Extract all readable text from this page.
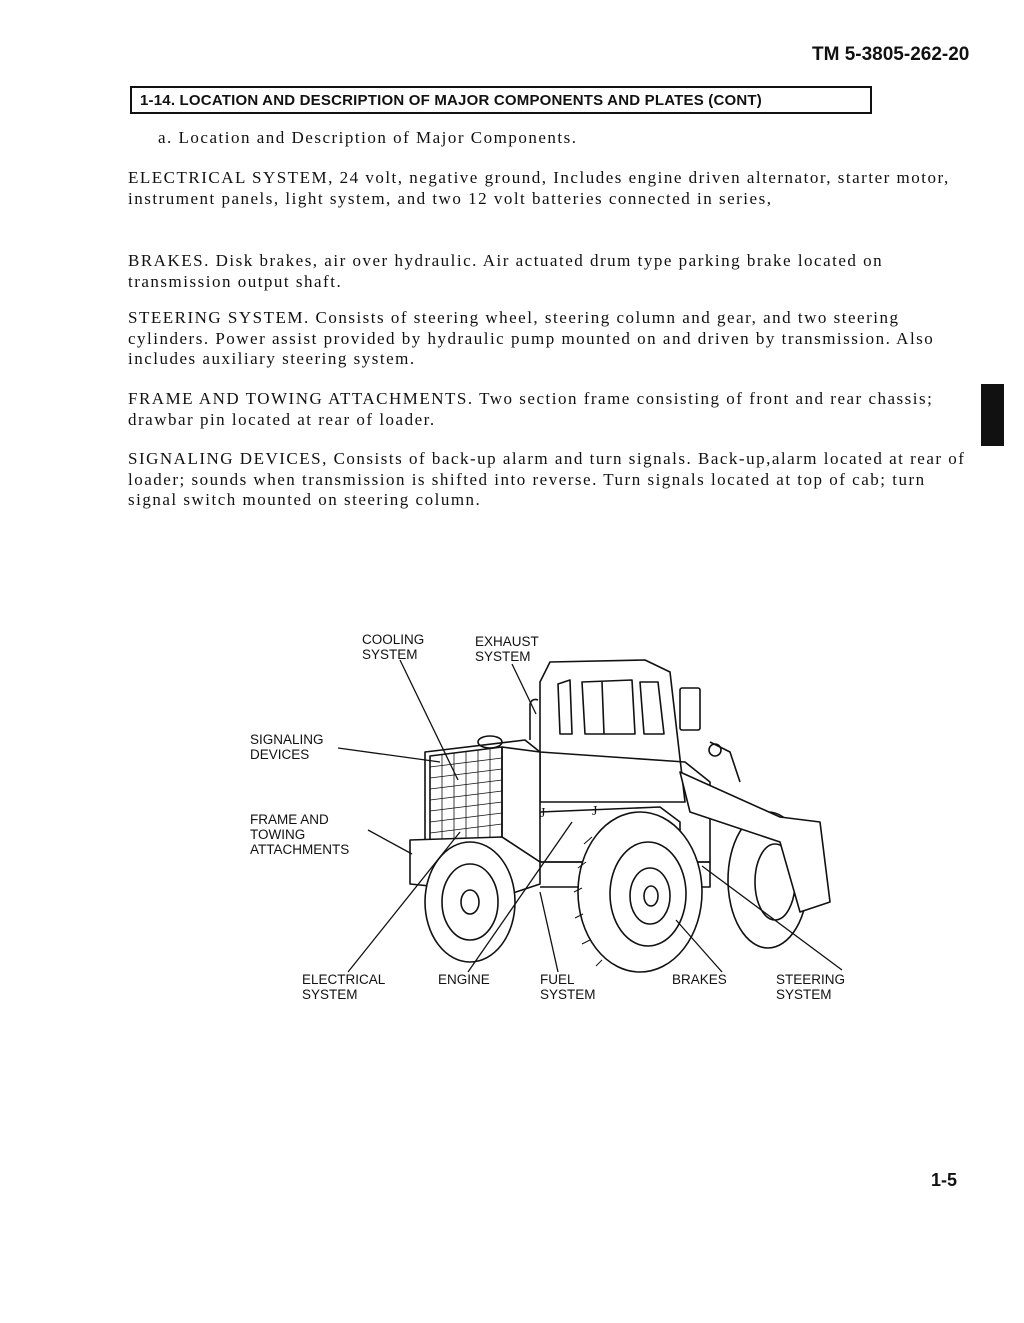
TM 5-3805-262-20
1-14. LOCATION AND DESCRIPTION OF MAJOR COMPONENTS AND PLATES (CONT)
a. Location and Description of Major Components.
ELECTRICAL SYSTEM, 24 volt, negative ground, Includes engine driven alternator, starter motor, instrument panels, light system, and two 12 volt batteries connected in series,
BRAKES. Disk brakes, air over hydraulic. Air actuated drum type parking brake located on transmission output shaft.
STEERING SYSTEM. Consists of steering wheel, steering column and gear, and two steering cylinders. Power assist provided by hydraulic pump mounted on and driven by transmission. Also includes auxiliary steering system.
FRAME AND TOWING ATTACHMENTS. Two section frame consisting of front and rear chassis; drawbar pin located at rear of loader.
SIGNALING DEVICES, Consists of back-up alarm and turn signals. Back-up,alarm located at rear of loader; sounds when transmission is shifted into reverse. Turn signals located at top of cab; turn signal switch mounted on steering column.
J	J
COOLING
SYSTEM
EXHAUST
SYSTEM
SIGNALING
DEVICES
FRAME AND
TOWING
ATTACHMENTS
ELECTRICAL
SYSTEM
ENGINE	FUEL
SYSTEM
BRAKES	STEERING
SYSTEM
1-5
